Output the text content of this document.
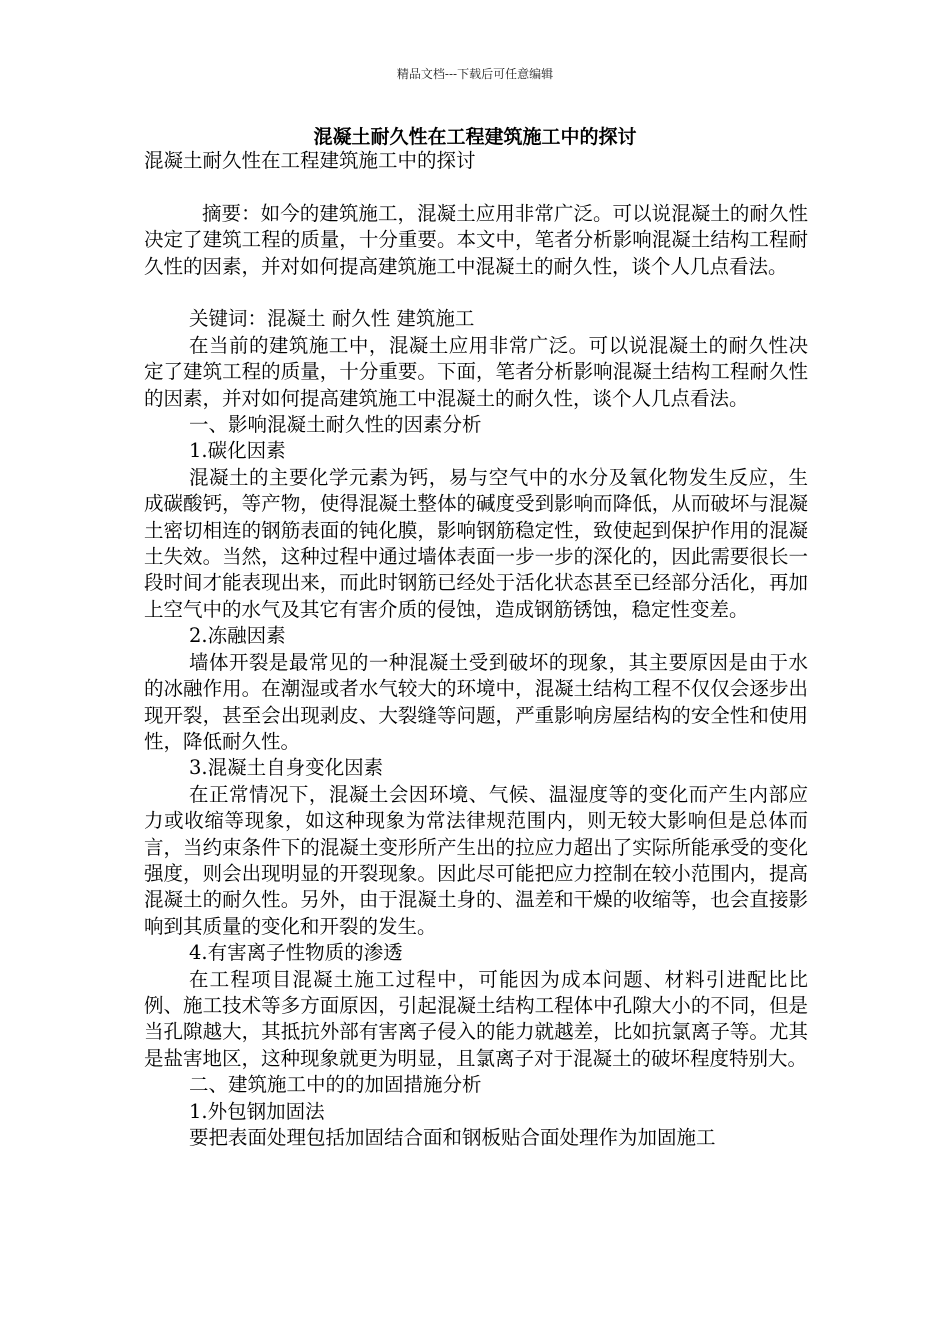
精品文档---下载后可任意编辑
混凝土耐久性在工程建筑施工中的探讨

混凝土耐久性在工程建筑施工中的探讨

摘要：如今的建筑施工，混凝土应用非常广泛。可以说混凝土的耐久性决定了建筑工程的质量，十分重要。本文中，笔者分析影响混凝土结构工程耐久性的因素，并对如何提高建筑施工中混凝土的耐久性，谈个人几点看法。

关键词：混凝土 耐久性 建筑施工

在当前的建筑施工中，混凝土应用非常广泛。可以说混凝土的耐久性决定了建筑工程的质量，十分重要。下面，笔者分析影响混凝土结构工程耐久性的因素，并对如何提高建筑施工中混凝土的耐久性，谈个人几点看法。

一、影响混凝土耐久性的因素分析

1.碳化因素

混凝土的主要化学元素为钙，易与空气中的水分及氧化物发生反应，生成碳酸钙，等产物，使得混凝土整体的碱度受到影响而降低，从而破坏与混凝土密切相连的钢筋表面的钝化膜，影响钢筋稳定性，致使起到保护作用的混凝土失效。当然，这种过程中通过墙体表面一步一步的深化的，因此需要很长一段时间才能表现出来，而此时钢筋已经处于活化状态甚至已经部分活化，再加上空气中的水气及其它有害介质的侵蚀，造成钢筋锈蚀，稳定性变差。

2.冻融因素

墙体开裂是最常见的一种混凝土受到破坏的现象，其主要原因是由于水的冰融作用。在潮湿或者水气较大的环境中，混凝土结构工程不仅仅会逐步出现开裂，甚至会出现剥皮、大裂缝等问题，严重影响房屋结构的安全性和使用性，降低耐久性。

3.混凝土自身变化因素

在正常情况下，混凝土会因环境、气候、温湿度等的变化而产生内部应力或收缩等现象，如这种现象为常法律规范围内，则无较大影响但是总体而言，当约束条件下的混凝土变形所产生出的拉应力超出了实际所能承受的变化强度，则会出现明显的开裂现象。因此尽可能把应力控制在较小范围内，提高混凝土的耐久性。另外，由于混凝土身的、温差和干燥的收缩等，也会直接影响到其质量的变化和开裂的发生。

4.有害离子性物质的渗透

在工程项目混凝土施工过程中，可能因为成本问题、材料引进配比比例、施工技术等多方面原因，引起混凝土结构工程体中孔隙大小的不同，但是当孔隙越大，其抵抗外部有害离子侵入的能力就越差，比如抗氯离子等。尤其是盐害地区，这种现象就更为明显，且氯离子对于混凝土的破坏程度特别大。

二、建筑施工中的的加固措施分析

1.外包钢加固法

要把表面处理包括加固结合面和钢板贴合面处理作为加固施工
